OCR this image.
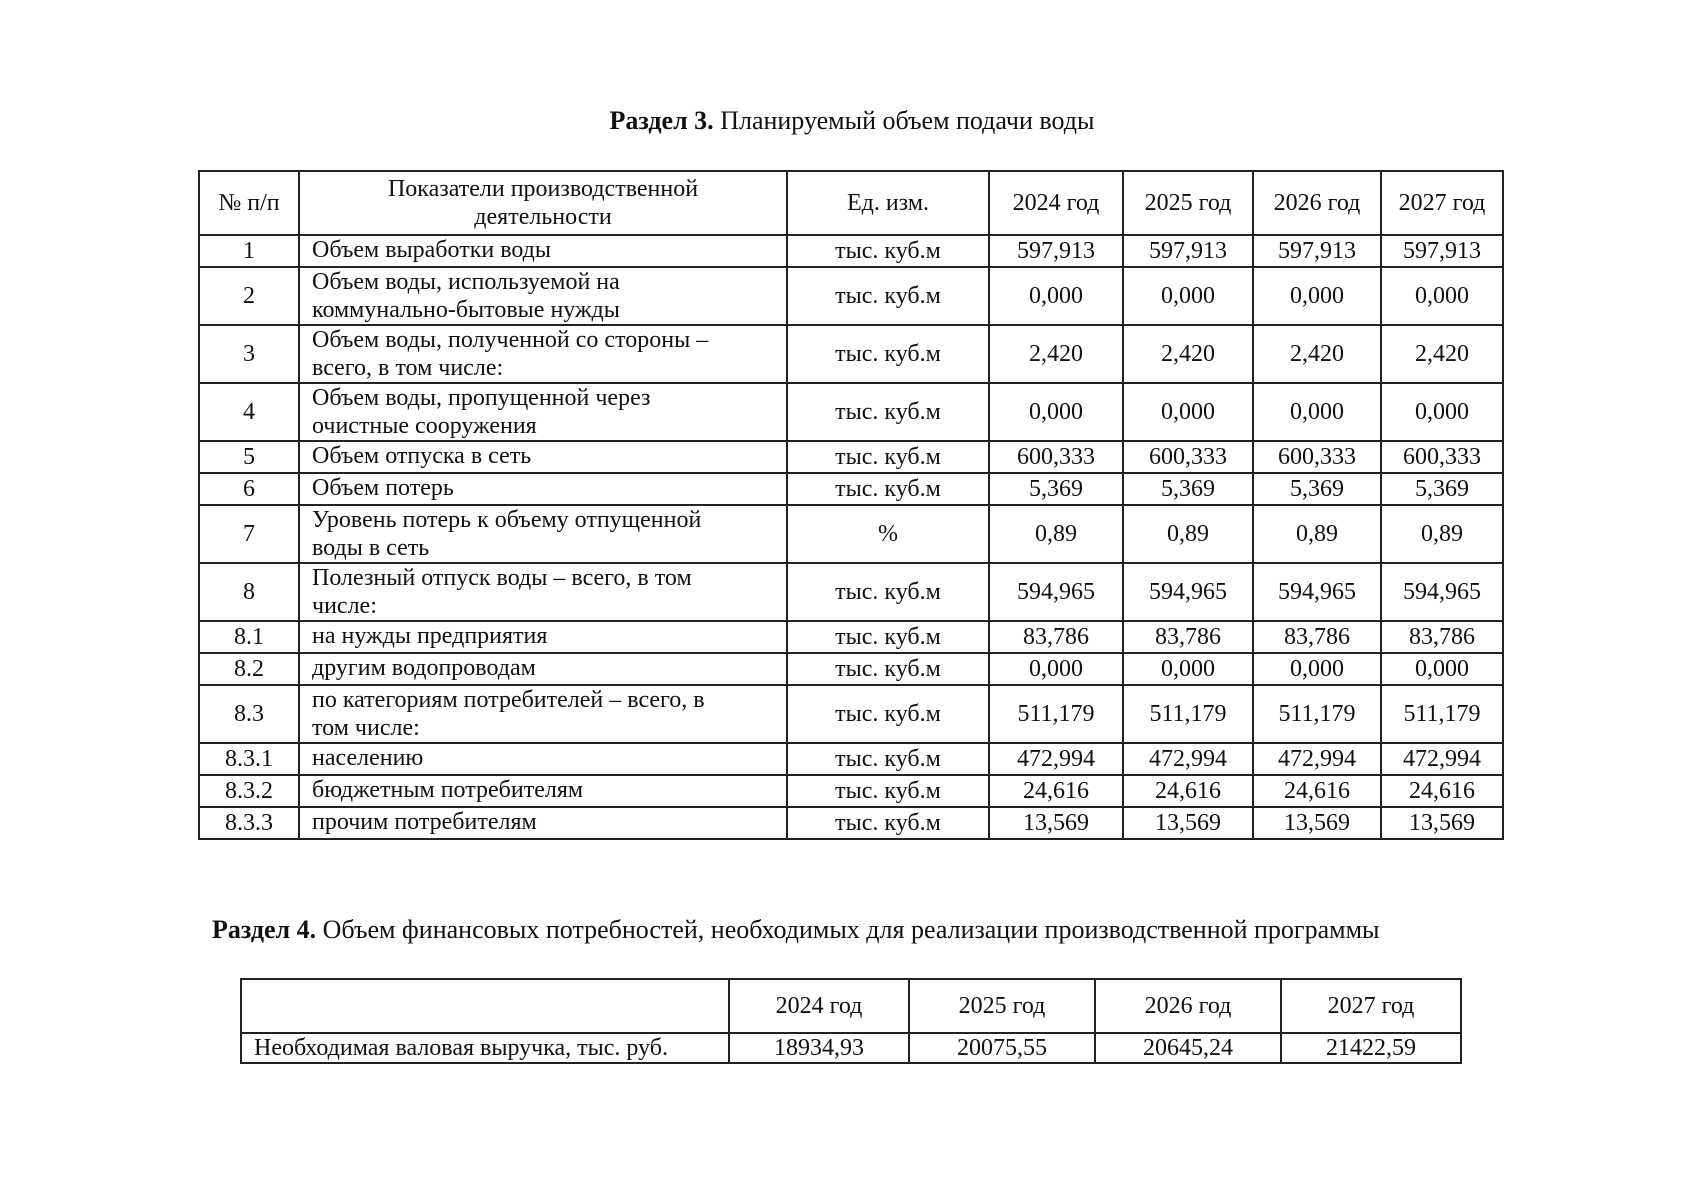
Раздел 3. Планируемый объем подачи воды
№ п/п	Показатели производственной
деятельности	Ед. изм.	2024 год	2025 год	2026 год	2027 год
1	Объем выработки воды	тыс. куб.м	597,913	597,913	597,913	597,913
2	Объем воды, используемой на
коммунально-бытовые нужды	тыс. куб.м	0,000	0,000	0,000	0,000
3	Объем воды, полученной со стороны –
всего, в том числе:	тыс. куб.м	2,420	2,420	2,420	2,420
4	Объем воды, пропущенной через
очистные сооружения	тыс. куб.м	0,000	0,000	0,000	0,000
5	Объем отпуска в сеть	тыс. куб.м	600,333	600,333	600,333	600,333
6	Объем потерь	тыс. куб.м	5,369	5,369	5,369	5,369
7	Уровень потерь к объему отпущенной
воды в сеть	%	0,89	0,89	0,89	0,89
8	Полезный отпуск воды – всего, в том
числе:	тыс. куб.м	594,965	594,965	594,965	594,965
8.1	на нужды предприятия	тыс. куб.м	83,786	83,786	83,786	83,786
8.2	другим водопроводам	тыс. куб.м	0,000	0,000	0,000	0,000
8.3	по категориям потребителей – всего, в
том числе:	тыс. куб.м	511,179	511,179	511,179	511,179
8.3.1	населению	тыс. куб.м	472,994	472,994	472,994	472,994
8.3.2	бюджетным потребителям	тыс. куб.м	24,616	24,616	24,616	24,616
8.3.3	прочим потребителям	тыс. куб.м	13,569	13,569	13,569	13,569
Раздел 4. Объем финансовых потребностей, необходимых для реализации производственной программы
	2024 год	2025 год	2026 год	2027 год
Необходимая валовая выручка, тыс. руб.	18934,93	20075,55	20645,24	21422,59
